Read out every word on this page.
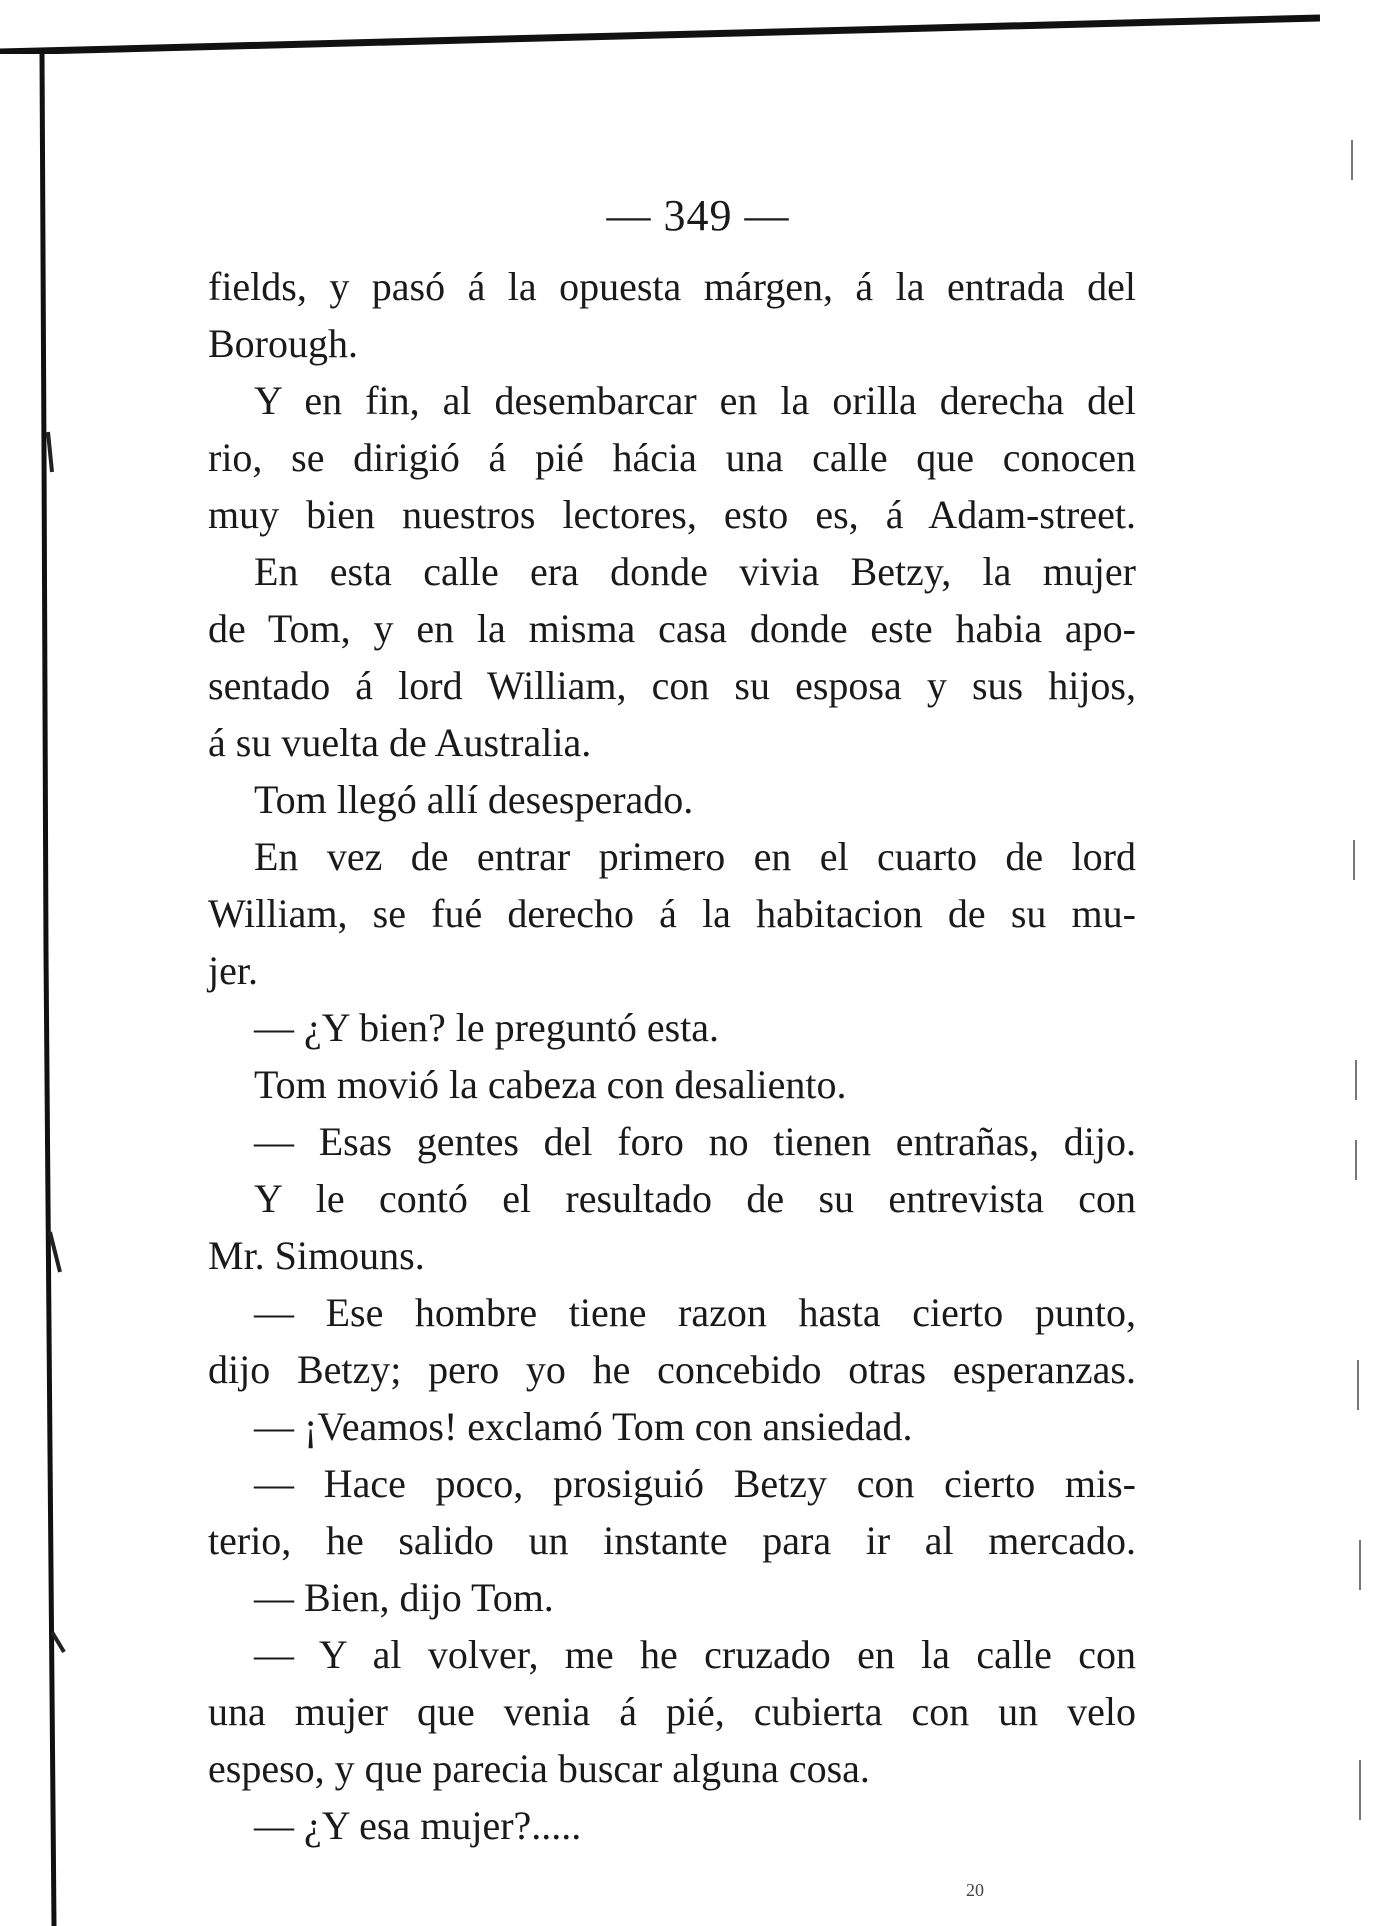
— 349 —
fields, y pasó á la opuesta márgen, á la entrada del
Borough.
Y en fin, al desembarcar en la orilla derecha del
rio, se dirigió á pié hácia una calle que conocen
muy bien nuestros lectores, esto es, á Adam-street.
En esta calle era donde vivia Betzy, la mujer
de Tom, y en la misma casa donde este habia apo-
sentado á lord William, con su esposa y sus hijos,
á su vuelta de Australia.
Tom llegó allí desesperado.
En vez de entrar primero en el cuarto de lord
William, se fué derecho á la habitacion de su mu-
jer.
— ¿Y bien? le preguntó esta.
Tom movió la cabeza con desaliento.
— Esas gentes del foro no tienen entrañas, dijo.
Y le contó el resultado de su entrevista con
Mr. Simouns.
— Ese hombre tiene razon hasta cierto punto,
dijo Betzy; pero yo he concebido otras esperanzas.
— ¡Veamos! exclamó Tom con ansiedad.
— Hace poco, prosiguió Betzy con cierto mis-
terio, he salido un instante para ir al mercado.
— Bien, dijo Tom.
— Y al volver, me he cruzado en la calle con
una mujer que venia á pié, cubierta con un velo
espeso, y que parecia buscar alguna cosa.
— ¿Y esa mujer?.....
20
